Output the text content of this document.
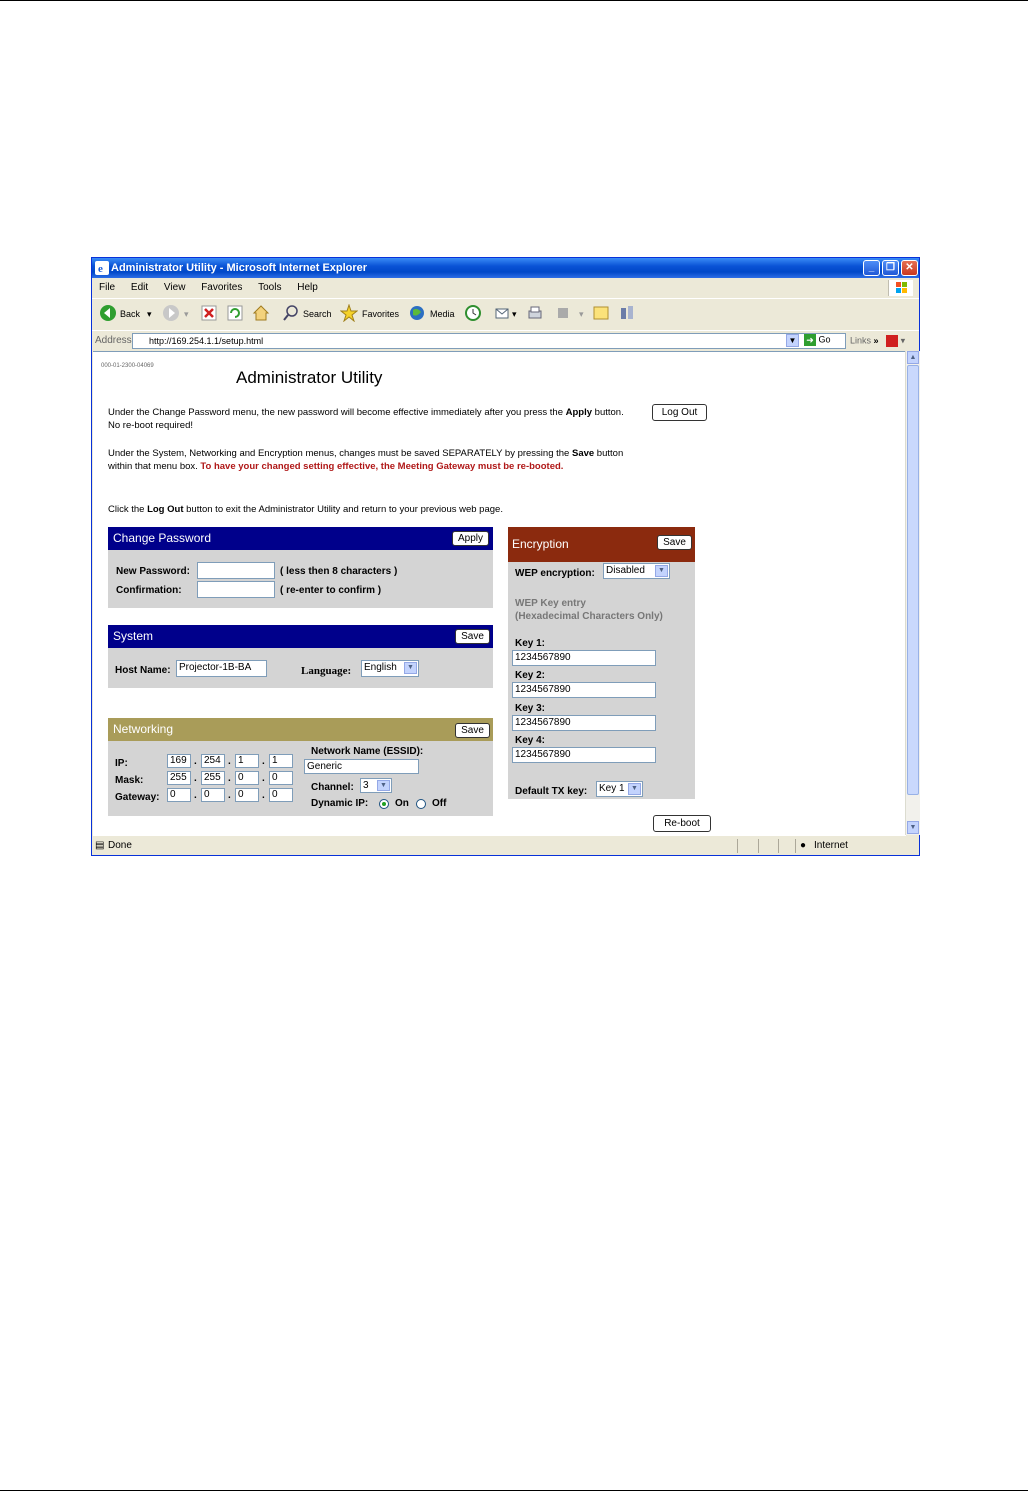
e Administrator Utility - Microsoft Internet Explorer	_	❐	✕
File Edit View Favorites Tools Help
Back ▾	▾	Search	Favorites	Media	▾	▾
Address	http://169.254.1.1/setup.html	▼ ➜ Go Links »    ▾
000-01-2300-04069
Administrator Utility
Log Out
Under the Change Password menu, the new password will become effective immediately after you press the Apply button. No re-boot required!
Under the System, Networking and Encryption menus, changes must be saved SEPARATELY by pressing the Save button within that menu box. To have your changed setting effective, the Meeting Gateway must be re-booted.
Click the Log Out button to exit the Administrator Utility and return to your previous web page.
Change Password	Apply
New Password:	( less then 8 characters )
Confirmation:	( re-enter to confirm )
System	Save
Host Name: Projector-1B-BA	Language:	English	▼
Networking	Save
IP:	169 . 254 . 1	. 1
Mask:	255 . 255 . 0	. 0
Gateway:	0	. 0	. 0	. 0
Network Name (ESSID):
Generic
Channel: 3	▼
Dynamic IP:	On Off
Encryption	Save
WEP encryption:	Disabled	▼
WEP Key entry
(Hexadecimal Characters Only)
Key 1:
1234567890
Key 2:
1234567890
Key 3:
1234567890
Key 4:
1234567890
Default TX key:	Key 1 ▼
Re-boot
▲
▼
▤ Done	● Internet
